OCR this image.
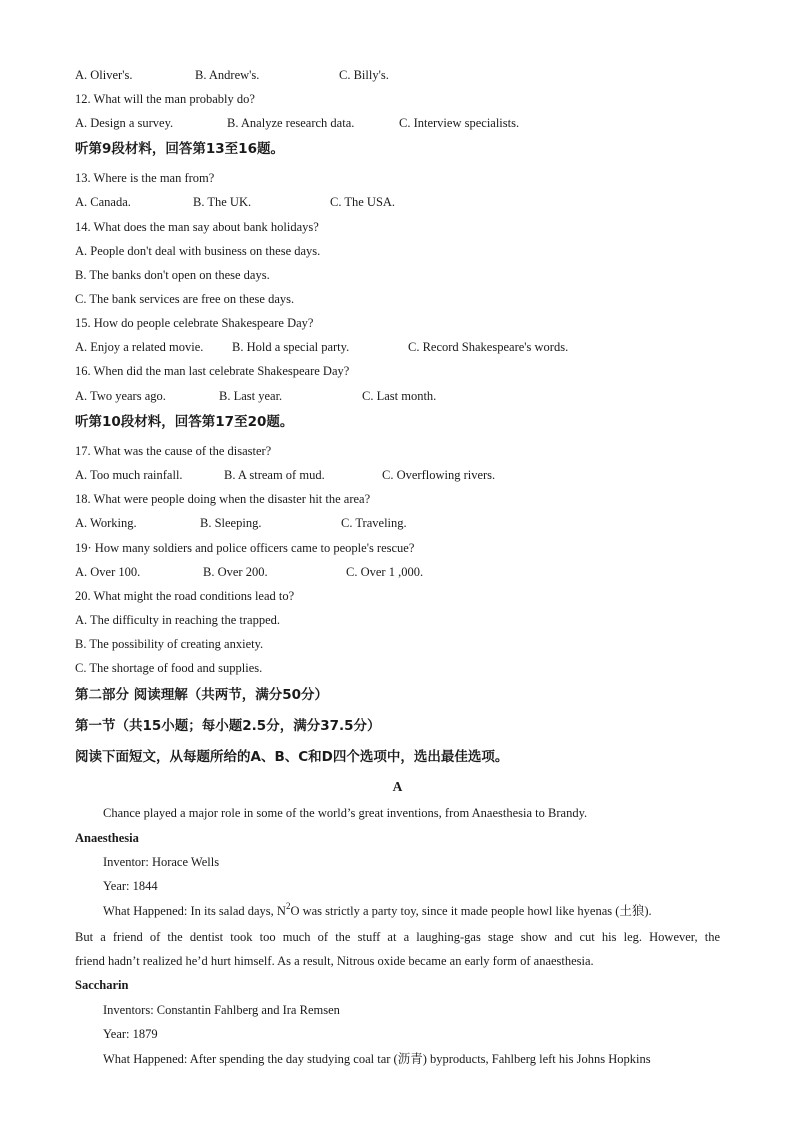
A. Oliver's.	B. Andrew's.	C. Billy's.
12. What will the man probably do?
A. Design a survey.	B. Analyze research data.	C. Interview specialists.
听第9段材料，回答第13至16题。
13. Where is the man from?
A. Canada.	B. The UK.	C. The USA.
14. What does the man say about bank holidays?
A. People don't deal with business on these days.
B. The banks don't open on these days.
C. The bank services are free on these days.
15. How do people celebrate Shakespeare Day?
A. Enjoy a related movie. B. Hold a special party.	C. Record Shakespeare's words.
16. When did the man last celebrate Shakespeare Day?
A. Two years ago.	B. Last year.	C. Last month.
听第10段材料，回答第17至20题。
17. What was the cause of the disaster?
A. Too much rainfall.	B. A stream of mud.	C. Overflowing rivers.
18. What were people doing when the disaster hit the area?
A. Working.	B. Sleeping.	C. Traveling.
19· How many soldiers and police officers came to people's rescue?
A. Over 100.	B. Over 200.	C. Over 1 ,000.
20. What might the road conditions lead to?
A. The difficulty in reaching the trapped.
B. The possibility of creating anxiety.
C. The shortage of food and supplies.
第二部分 阅读理解（共两节，满分50分）
第一节（共15小题；每小题2.5分，满分37.5分）
阅读下面短文，从每题所给的A、B、C和D四个选项中，选出最佳选项。
A
Chance played a major role in some of the world’s great inventions, from Anaesthesia to Brandy.
Anaesthesia
Inventor: Horace Wells
Year: 1844
What Happened: In its salad days, $N_2$ O was strictly a party toy, since it made people howl like hyenas (土狼).
But a friend of the dentist took too much of the stuff at a laughing-gas stage show and cut his leg. However, the
friend hadn’t realized he’d hurt himself. As a result, Nitrous oxide became an early form of anaesthesia.
Saccharin
Inventors: Constantin Fahlberg and Ira Remsen
Year: 1879
What Happened: After spending the day studying coal tar (沥青) byproducts, Fahlberg left his Johns Hopkins
